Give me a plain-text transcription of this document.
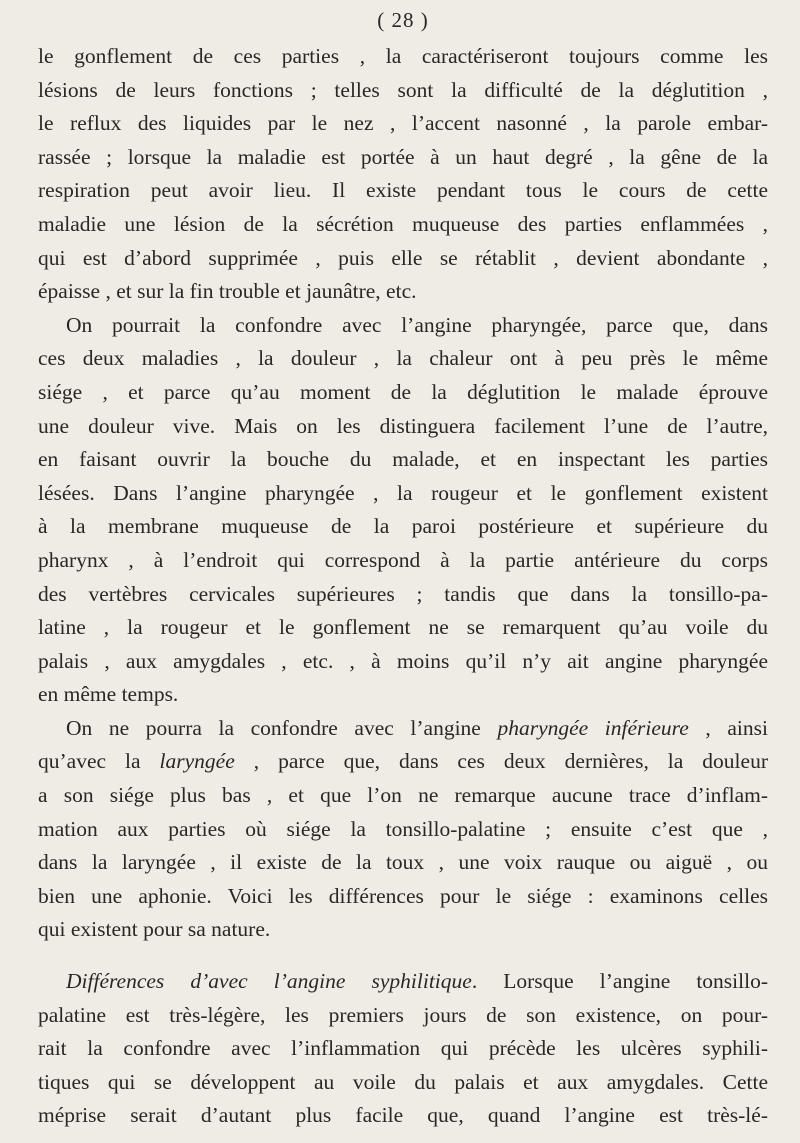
( 28 )
le gonflement de ces parties , la caractériseront toujours comme les
lésions de leurs fonctions ; telles sont la difficulté de la déglutition ,
le reflux des liquides par le nez , l’accent nasonné , la parole embar-
rassée ; lorsque la maladie est portée à un haut degré , la gêne de la
respiration peut avoir lieu. Il existe pendant tous le cours de cette
maladie une lésion de la sécrétion muqueuse des parties enflammées ,
qui est d’abord supprimée , puis elle se rétablit , devient abondante ,
épaisse , et sur la fin trouble et jaunâtre, etc.
On pourrait la confondre avec l’angine pharyngée, parce que, dans
ces deux maladies , la douleur , la chaleur ont à peu près le même
siége , et parce qu’au moment de la déglutition le malade éprouve
une douleur vive. Mais on les distinguera facilement l’une de l’autre,
en faisant ouvrir la bouche du malade, et en inspectant les parties
lésées. Dans l’angine pharyngée , la rougeur et le gonflement existent
à la membrane muqueuse de la paroi postérieure et supérieure du
pharynx , à l’endroit qui correspond à la partie antérieure du corps
des vertèbres cervicales supérieures ; tandis que dans la tonsillo-pa-
latine , la rougeur et le gonflement ne se remarquent qu’au voile du
palais , aux amygdales , etc. , à moins qu’il n’y ait angine pharyngée
en même temps.
On ne pourra la confondre avec l’angine pharyngée inférieure , ainsi
qu’avec la laryngée , parce que, dans ces deux dernières, la douleur
a son siége plus bas , et que l’on ne remarque aucune trace d’inflam-
mation aux parties où siége la tonsillo-palatine ; ensuite c’est que ,
dans la laryngée , il existe de la toux , une voix rauque ou aiguë , ou
bien une aphonie. Voici les différences pour le siége : examinons celles
qui existent pour sa nature.
Différences d’avec l’angine syphilitique. Lorsque l’angine tonsillo-
palatine est très-légère, les premiers jours de son existence, on pour-
rait la confondre avec l’inflammation qui précède les ulcères syphili-
tiques qui se développent au voile du palais et aux amygdales. Cette
méprise serait d’autant plus facile que, quand l’angine est très-lé-
